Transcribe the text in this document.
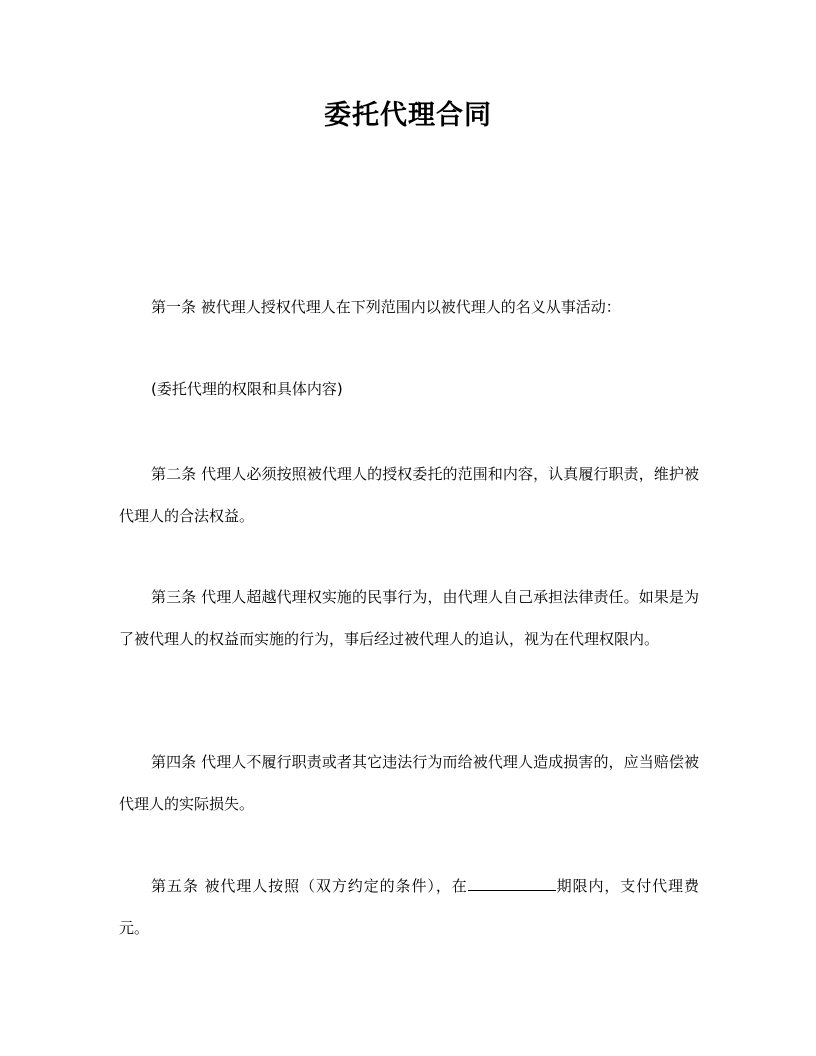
委托代理合同

第一条 被代理人授权代理人在下列范围内以被代理人的名义从事活动：

(委托代理的权限和具体内容)

第二条 代理人必须按照被代理人的授权委托的范围和内容，认真履行职责，维护被代理人的合法权益。

第三条 代理人超越代理权实施的民事行为，由代理人自己承担法律责任。如果是为了被代理人的权益而实施的行为，事后经过被代理人的追认，视为在代理权限内。

第四条 代理人不履行职责或者其它违法行为而给被代理人造成损害的，应当赔偿被代理人的实际损失。

第五条 被代理人按照（双方约定的条件），在	期限内，支付代理费元。
